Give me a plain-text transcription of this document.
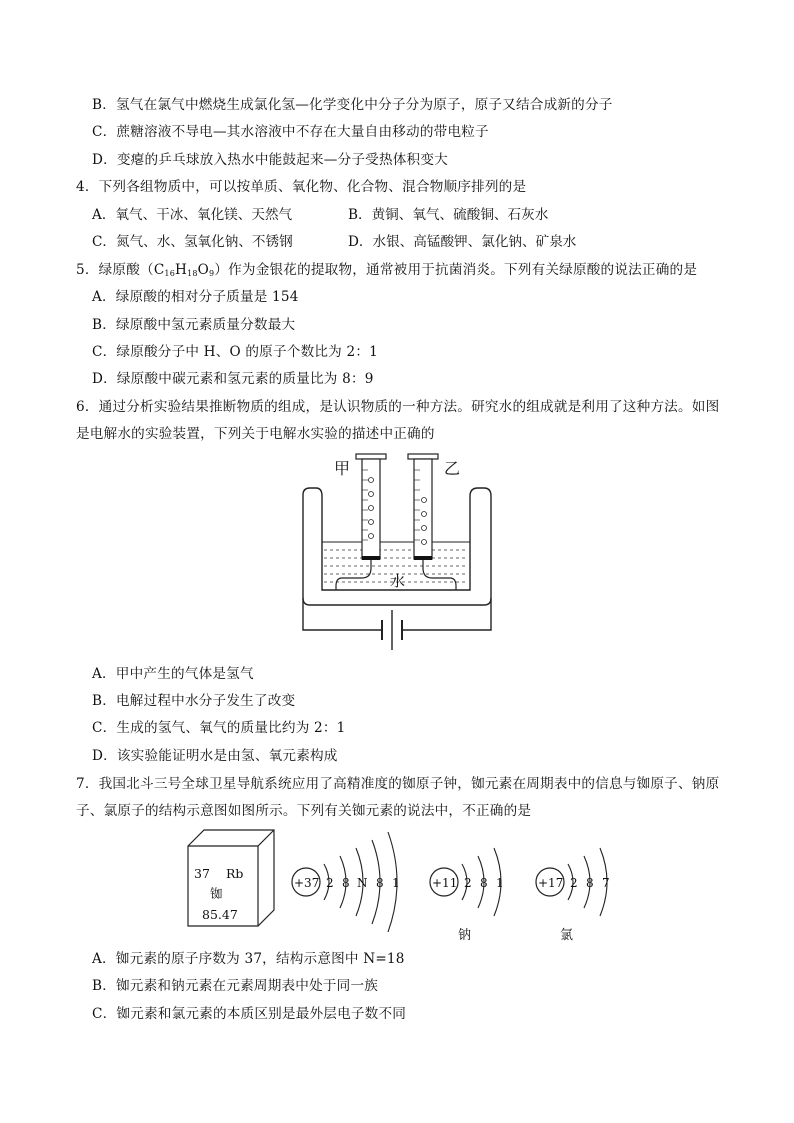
B．氢气在氯气中燃烧生成氯化氢—化学变化中分子分为原子，原子又结合成新的分子
C．蔗糖溶液不导电—其水溶液中不存在大量自由移动的带电粒子
D．变瘪的乒乓球放入热水中能鼓起来—分子受热体积变大
4．下列各组物质中，可以按单质、氧化物、化合物、混合物顺序排列的是
A．氧气、干冰、氧化镁、天然气	B．黄铜、氧气、硫酸铜、石灰水
C．氮气、水、氢氧化钠、不锈钢	D．水银、高锰酸钾、氯化钠、矿泉水
5．绿原酸$(C_{16}H_{18}O_9)$作为金银花的提取物，通常被用于抗菌消炎。下列有关绿原酸的说法正确的是
A．绿原酸的相对分子质量是 154
B．绿原酸中氢元素质量分数最大
C．绿原酸分子中 H、O 的原子个数比为 2：1
D．绿原酸中碳元素和氢元素的质量比为 8：9
6．通过分析实验结果推断物质的组成，是认识物质的一种方法。研究水的组成就是利用了这种方法。如图
是电解水的实验装置，下列关于电解水实验的描述中正确的
甲	乙
水
A．甲中产生的气体是氢气
B．电解过程中水分子发生了改变
C．生成的氢气、氧气的质量比约为 2：1
D．该实验能证明水是由氢、氧元素构成
7．我国北斗三号全球卫星导航系统应用了高精准度的铷原子钟，铷元素在周期表中的信息与铷原子、钠原
子、氯原子的结构示意图如图所示。下列有关铷元素的说法中，不正确的是
37 Rb
铷
85.47
+37 2 8 N 8 1	+11 2 8 1
钠
+17 2 8 7
氯
A．铷元素的原子序数为 37，结构示意图中 N=18
B．铷元素和钠元素在元素周期表中处于同一族
C．铷元素和氯元素的本质区别是最外层电子数不同
